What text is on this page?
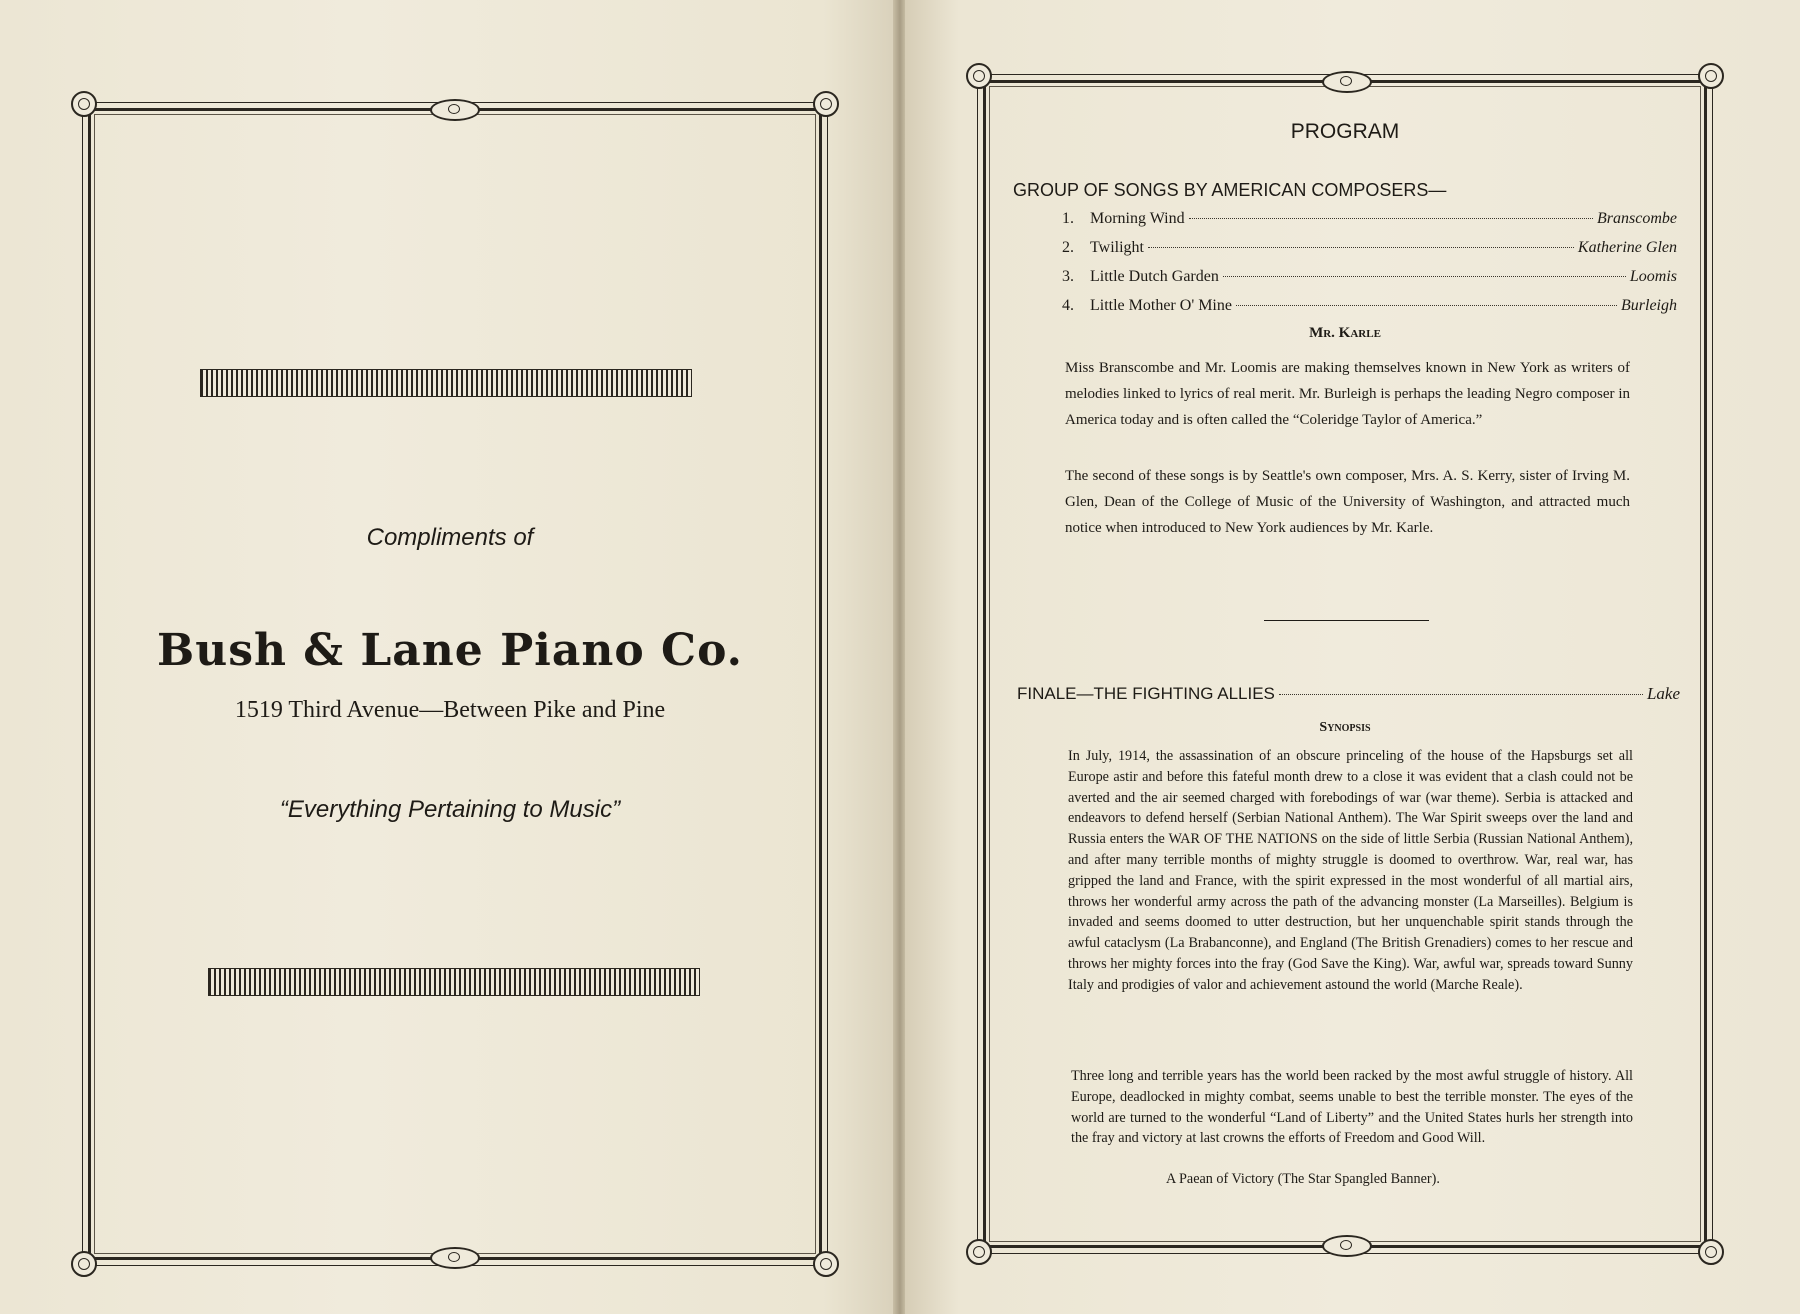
Compliments of
Bush & Lane Piano Co.
1519 Third Avenue—Between Pike and Pine
“Everything Pertaining to Music”
PROGRAM
GROUP OF SONGS BY AMERICAN COMPOSERS—
1.	Morning Wind	Branscombe
2.	Twilight	Katherine Glen
3.	Little Dutch Garden	Loomis
4.	Little Mother O' Mine	Burleigh
Mr. Karle
Miss Branscombe and Mr. Loomis are making themselves known in New York as writers of melodies linked to lyrics of real merit. Mr. Burleigh is perhaps the leading Negro composer in America today and is often called the “Coleridge Taylor of America.”
The second of these songs is by Seattle's own composer, Mrs. A. S. Kerry, sister of Irving M. Glen, Dean of the College of Music of the University of Washington, and attracted much notice when introduced to New York audiences by Mr. Karle.
FINALE—THE FIGHTING ALLIES	Lake
Synopsis
In July, 1914, the assassination of an obscure princeling of the house of the Hapsburgs set all Europe astir and before this fateful month drew to a close it was evident that a clash could not be averted and the air seemed charged with forebodings of war (war theme). Serbia is attacked and endeavors to defend herself (Serbian National Anthem). The War Spirit sweeps over the land and Russia enters the WAR OF THE NATIONS on the side of little Serbia (Russian National Anthem), and after many terrible months of mighty struggle is doomed to overthrow. War, real war, has gripped the land and France, with the spirit expressed in the most wonderful of all martial airs, throws her wonderful army across the path of the advancing monster (La Marseilles). Belgium is invaded and seems doomed to utter destruction, but her unquenchable spirit stands through the awful cataclysm (La Brabanconne), and England (The British Grenadiers) comes to her rescue and throws her mighty forces into the fray (God Save the King). War, awful war, spreads toward Sunny Italy and prodigies of valor and achievement astound the world (Marche Reale).
Three long and terrible years has the world been racked by the most awful struggle of history. All Europe, deadlocked in mighty combat, seems unable to best the terrible monster. The eyes of the world are turned to the wonderful “Land of Liberty” and the United States hurls her strength into the fray and victory at last crowns the efforts of Freedom and Good Will.
A Paean of Victory (The Star Spangled Banner).
